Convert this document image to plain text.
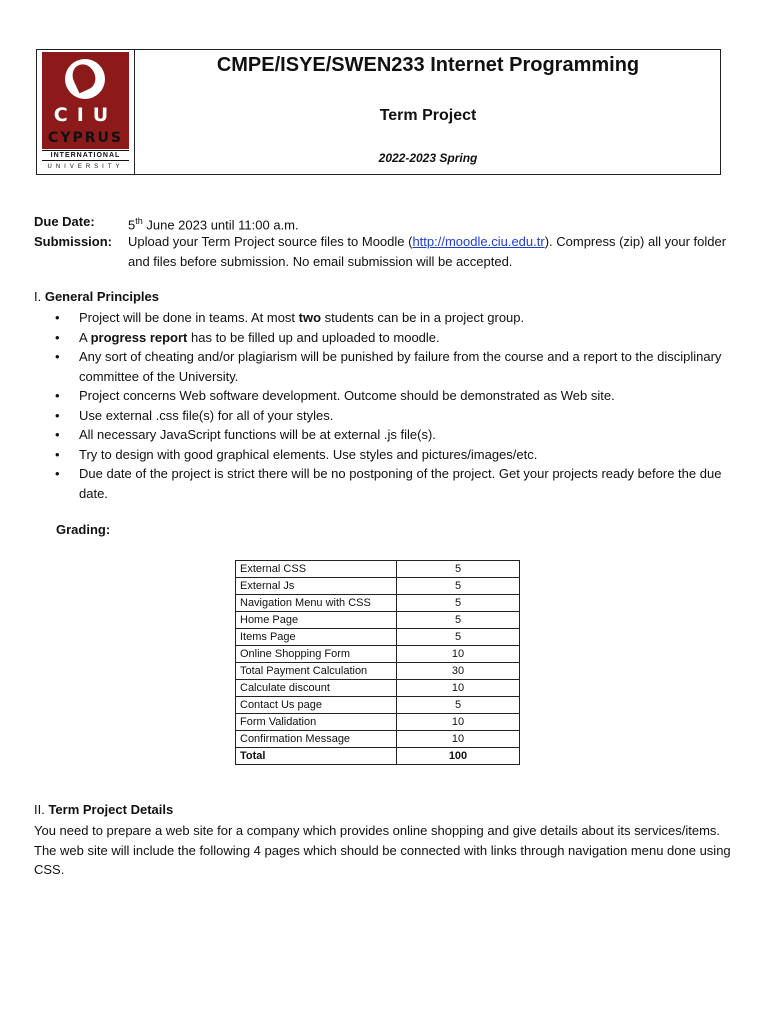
CIU
CYPRUS
INTERNATIONAL
UNIVERSITY
CMPE/ISYE/SWEN233 Internet Programming
Term Project
2022-2023 Spring
Due Date:	5th June 2023 until 11:00 a.m.
Submission: Upload your Term Project source files to Moodle (http://moodle.ciu.edu.tr). Compress (zip) all your folder and files before submission. No email submission will be accepted.
I. General Principles
• Project will be done in teams. At most two students can be in a project group.
• A progress report has to be filled up and uploaded to moodle.
• Any sort of cheating and/or plagiarism will be punished by failure from the course and a report to the disciplinary committee of the University.
• Project concerns Web software development. Outcome should be demonstrated as Web site.
• Use external .css file(s) for all of your styles.
• All necessary JavaScript functions will be at external .js file(s).
• Try to design with good graphical elements. Use styles and pictures/images/etc.
• Due date of the project is strict there will be no postponing of the project. Get your projects ready before the due date.
Grading:
External CSS	5
External Js	5
Navigation Menu with CSS	5
Home Page	5
Items Page	5
Online Shopping Form	10
Total Payment Calculation	30
Calculate discount	10
Contact Us page	5
Form Validation	10
Confirmation Message	10
Total	100
II. Term Project Details
You need to prepare a web site for a company which provides online shopping and give details about its services/items. The web site will include the following 4 pages which should be connected with links through navigation menu done using CSS.
